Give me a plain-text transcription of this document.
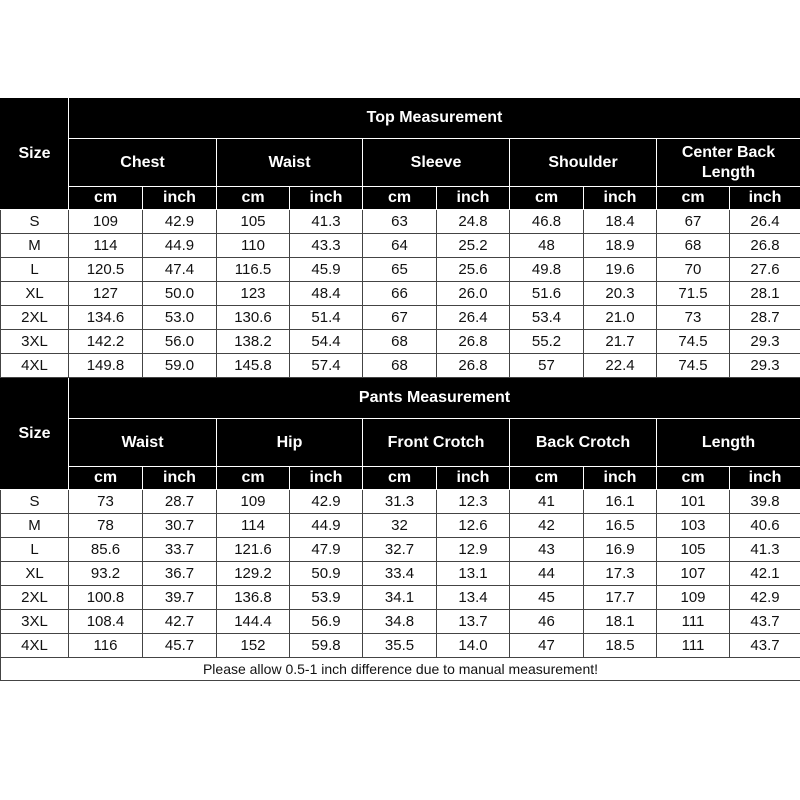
Size	Top Measurement									
	Chest		Waist		Sleeve		Shoulder		Center Back Length	
	cm	inch	cm	inch	cm	inch	cm	inch	cm	inch
S	109	42.9	105	41.3	63	24.8	46.8	18.4	67	26.4
M	114	44.9	110	43.3	64	25.2	48	18.9	68	26.8
L	120.5	47.4	116.5	45.9	65	25.6	49.8	19.6	70	27.6
XL	127	50.0	123	48.4	66	26.0	51.6	20.3	71.5	28.1
2XL	134.6	53.0	130.6	51.4	67	26.4	53.4	21.0	73	28.7
3XL	142.2	56.0	138.2	54.4	68	26.8	55.2	21.7	74.5	29.3
4XL	149.8	59.0	145.8	57.4	68	26.8	57	22.4	74.5	29.3
Size	Pants Measurement									
	Waist		Hip		Front Crotch		Back Crotch		Length	
	cm	inch	cm	inch	cm	inch	cm	inch	cm	inch
S	73	28.7	109	42.9	31.3	12.3	41	16.1	101	39.8
M	78	30.7	114	44.9	32	12.6	42	16.5	103	40.6
L	85.6	33.7	121.6	47.9	32.7	12.9	43	16.9	105	41.3
XL	93.2	36.7	129.2	50.9	33.4	13.1	44	17.3	107	42.1
2XL	100.8	39.7	136.8	53.9	34.1	13.4	45	17.7	109	42.9
3XL	108.4	42.7	144.4	56.9	34.8	13.7	46	18.1	111	43.7
4XL	116	45.7	152	59.8	35.5	14.0	47	18.5	111	43.7
Please allow 0.5-1 inch difference due to manual measurement!										
